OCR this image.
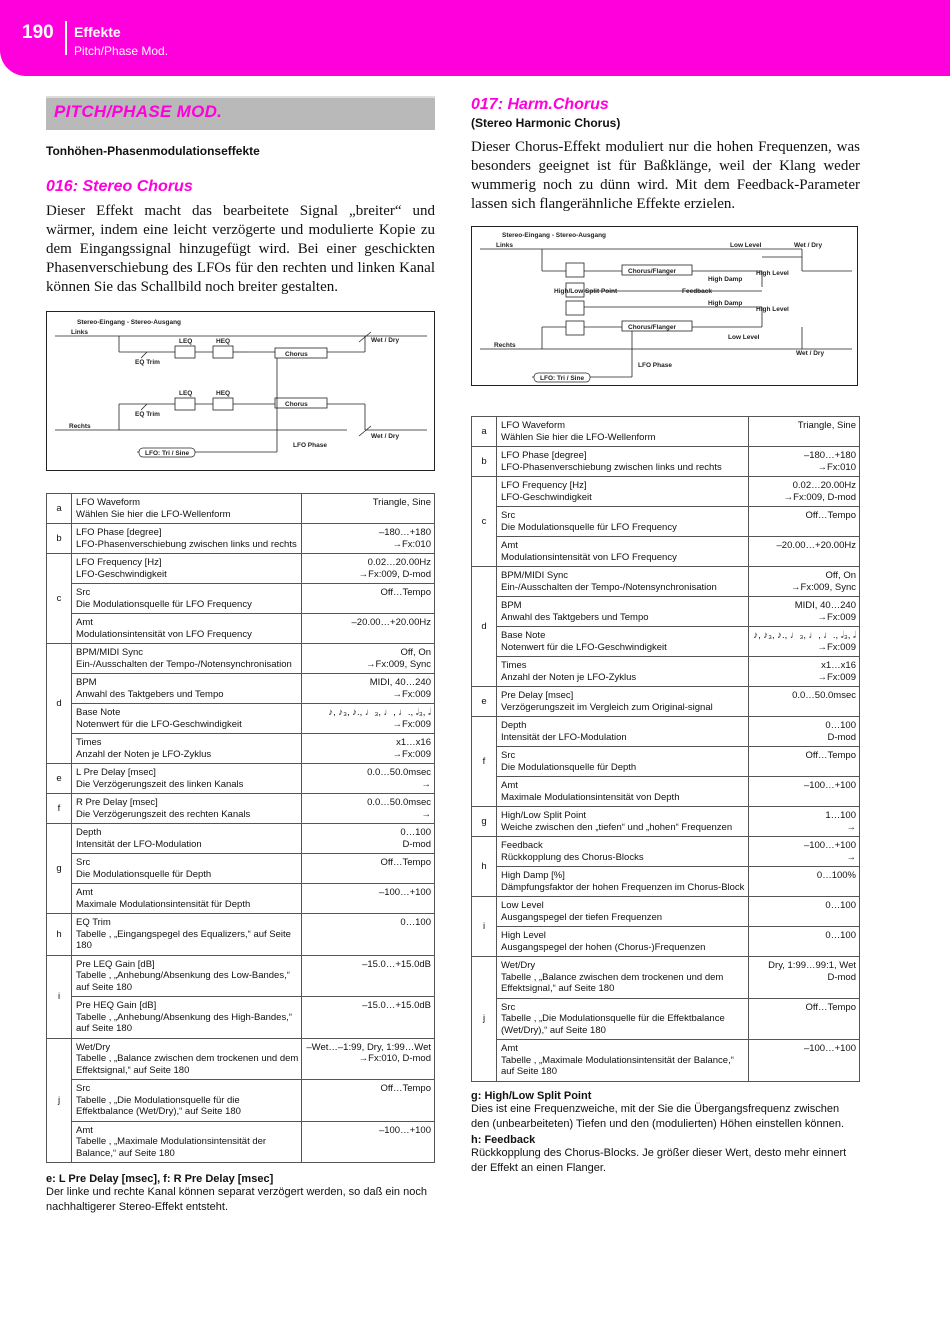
190 Effekte
Pitch/Phase Mod.
PITCH/PHASE MOD.

Tonhöhen-Phasenmodulationseffekte

016: Stereo Chorus

Dieser Effekt macht das bearbeitete Signal „breiter“ und wärmer, indem eine leicht verzögerte und modulierte Kopie zu dem Eingangssignal hinzugefügt wird. Bei einer geschickten Phasenverschiebung des LFOs für den rechten und linken Kanal können Sie das Schallbild noch breiter gestalten.

Stereo-Eingang - Stereo-Ausgang
Links
Rechts
LEQ	HEQ
LEQ	HEQ
EQ Trim
EQ Trim
Chorus
Chorus
Wet / Dry
Wet / Dry
LFO Phase
LFO: Tri / Sine
a	LFO Waveform
Wählen Sie hier die LFO-Wellenform	Triangle, Sine

b	LFO Phase [degree]
LFO-Phasenverschiebung zwischen links und rechts	–180…+180
→Fx:010

c	LFO Frequency [Hz]
LFO-Geschwindigkeit	0.02…20.00Hz
→Fx:009, D-mod

	Src
Die Modulationsquelle für LFO Frequency	Off…Tempo

	Amt
Modulationsintensität von LFO Frequency	–20.00…+20.00Hz

d	BPM/MIDI Sync
Ein-/Ausschalten der Tempo-/Notensynchronisation	Off, On
→Fx:009, Sync

	BPM
Anwahl des Taktgebers und Tempo	MIDI, 40…240
→Fx:009

	Base Note
Notenwert für die LFO-Geschwindigkeit	♪, ♪₃, ♪., ♩₃, ♩, ♩., 𝅗𝅥₃, 𝅗𝅥
→Fx:009

	Times
Anzahl der Noten je LFO-Zyklus	x1…x16
→Fx:009

e	L Pre Delay [msec]
Die Verzögerungszeit des linken Kanals	0.0…50.0msec
→

f	R Pre Delay [msec]
Die Verzögerungszeit des rechten Kanals	0.0…50.0msec
→

g	Depth
Intensität der LFO-Modulation	0…100
D-mod

	Src
Die Modulationsquelle für Depth	Off…Tempo

	Amt
Maximale Modulationsintensität für Depth	–100…+100

h	EQ Trim
Tabelle , „Eingangspegel des Equalizers,“ auf Seite 180	0…100

i	Pre LEQ Gain [dB]
Tabelle , „Anhebung/Absenkung des Low-Bandes,“ auf Seite 180	–15.0…+15.0dB

	Pre HEQ Gain [dB]
Tabelle , „Anhebung/Absenkung des High-Bandes,“ auf Seite 180	–15.0…+15.0dB

j	Wet/Dry
Tabelle , „Balance zwischen dem trockenen und dem Effektsignal,“ auf Seite 180	–Wet…–1:99, Dry, 1:99…Wet
→Fx:010, D-mod

	Src
Tabelle , „Die Modulationsquelle für die Effektbalance (Wet/Dry),“ auf Seite 180	Off…Tempo

	Amt
Tabelle , „Maximale Modulationsintensität der Balance,“ auf Seite 180	–100…+100

e: L Pre Delay [msec], f: R Pre Delay [msec]

Der linke und rechte Kanal können separat verzögert werden, so daß ein noch nachhaltigerer Stereo-Effekt entsteht.

017: Harm.Chorus

(Stereo Harmonic Chorus)

Dieser Chorus-Effekt moduliert nur die hohen Frequenzen, was besonders geeignet ist für Baßklänge, weil der Klang weder wummerig noch zu dünn wird. Mit dem Feedback-Parameter lassen sich flangerähnliche Effekte erzielen.

Stereo-Eingang - Stereo-Ausgang
Links
Rechts
Low Level	Wet / Dry
High Level
Chorus/Flanger
High Damp
Feedback
High/Low Split Point
High Damp
Chorus/Flanger
High Level
Low Level
Wet / Dry
LFO Phase
LFO: Tri / Sine
a	LFO Waveform
Wählen Sie hier die LFO-Wellenform	Triangle, Sine

b	LFO Phase [degree]
LFO-Phasenverschiebung zwischen links und rechts	–180…+180
→Fx:010

c	LFO Frequency [Hz]
LFO-Geschwindigkeit	0.02…20.00Hz
→Fx:009, D-mod

	Src
Die Modulationsquelle für LFO Frequency	Off…Tempo

	Amt
Modulationsintensität von LFO Frequency	–20.00…+20.00Hz

d	BPM/MIDI Sync
Ein-/Ausschalten der Tempo-/Notensynchronisation	Off, On
→Fx:009, Sync

	BPM
Anwahl des Taktgebers und Tempo	MIDI, 40…240
→Fx:009

	Base Note
Notenwert für die LFO-Geschwindigkeit	♪, ♪₃, ♪., ♩₃, ♩, ♩., 𝅗𝅥₃, 𝅗𝅥
→Fx:009

	Times
Anzahl der Noten je LFO-Zyklus	x1…x16
→Fx:009

e	Pre Delay [msec]
Verzögerungszeit im Vergleich zum Original-signal	0.0…50.0msec

f	Depth
Intensität der LFO-Modulation	0…100
D-mod

	Src
Die Modulationsquelle für Depth	Off…Tempo

	Amt
Maximale Modulationsintensität von Depth	–100…+100

g	High/Low Split Point
Weiche zwischen den „tiefen“ und „hohen“ Frequenzen	1…100
→

h	Feedback
Rückkopplung des Chorus-Blocks	–100…+100
→

	High Damp [%]
Dämpfungsfaktor der hohen Frequenzen im Chorus-Block	0…100%

i	Low Level
Ausgangspegel der tiefen Frequenzen	0…100

	High Level
Ausgangspegel der hohen (Chorus-)Frequenzen	0…100

j	Wet/Dry
Tabelle , „Balance zwischen dem trockenen und dem Effektsignal,“ auf Seite 180	Dry, 1:99…99:1, Wet
D-mod

	Src
Tabelle , „Die Modulationsquelle für die Effektbalance (Wet/Dry),“ auf Seite 180	Off…Tempo

	Amt
Tabelle , „Maximale Modulationsintensität der Balance,“ auf Seite 180	–100…+100

g: High/Low Split Point

Dies ist eine Frequenzweiche, mit der Sie die Übergangsfrequenz zwischen den (unbearbeiteten) Tiefen und den (modulierten) Höhen einstellen können.

h: Feedback

Rückkopplung des Chorus-Blocks. Je größer dieser Wert, desto mehr einnert der Effekt an einen Flanger.
